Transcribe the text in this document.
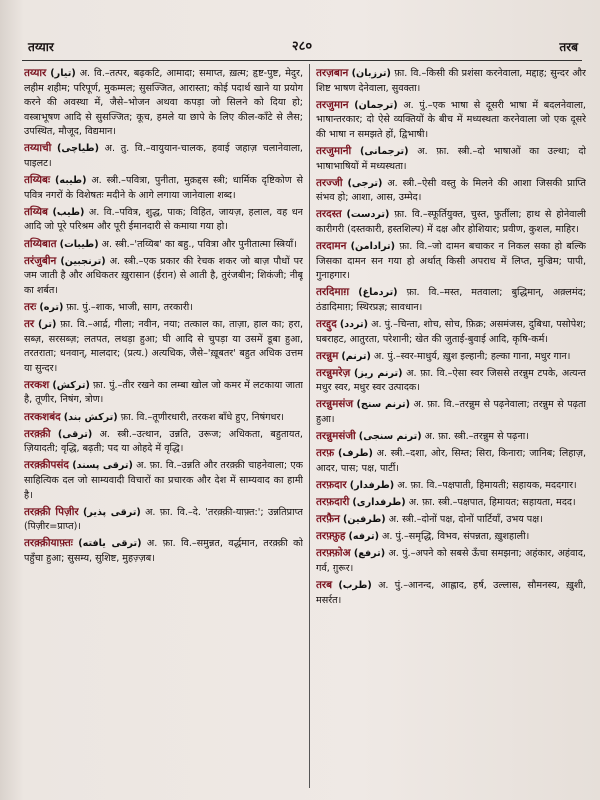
तय्यार	२८०	तरब

तय्यार (تیار) अ. वि.–तत्पर, बढ़कटि, आमादा; समाप्त, ख़त्म; हृष्ट-पुष्ट, मेदुर, लहीम शहीम; परिपूर्ण, मुकम्मल; सुसज्जित, आरास्ता; कोई पदार्थ खाने या प्रयोग करने की अवस्था में, जैसे–भोजन अथवा कपड़ा जो सिलने को दिया हो; वस्त्राभूषण आदि से सुसज्जित; कूच, हमले या छापे के लिए कील-काँटे से लैस; उपस्थित, मौजूद, विद्यमान।

तय्याची (طیاچی) अ. तु. वि.–वायुयान-चालक, हवाई जहाज़ चलानेवाला, पाइलट।

तय्यिबः (طیبه) अ. स्त्री.–पवित्रा, पुनीता, मुक़द्दस स्त्री; धार्मिक दृष्टिकोण से पवित्र नगरों के विशेषतः मदीने के आगे लगाया जानेवाला शब्द।

तय्यिब (طیب) अ. वि.–पवित्र, शुद्ध, पाक; विहित, जायज़, हलाल, वह धन आदि जो पूरे परिश्रम और पूरी ईमानदारी से कमाया गया हो।

तय्यिबात (طیبات) अ. स्त्री.–'तय्यिब' का बहु., पवित्रा और पुनीतात्मा स्त्रियाँ।

तरंजुबीन (ترنجبین) अ. स्त्री.–एक प्रकार की रेचक शकर जो बाज़ पौधों पर जम जाती है और अधिकतर ख़ुरासान (ईरान) से आती है, तुरंजबीन; शिकंजी; नीबू का शर्बत।

तरः (تره) फ़ा. पुं.–शाक, भाजी, साग, तरकारी।

तर (تر) फ़ा. वि.–आर्द्र, गीला; नवीन, नया; तत्काल का, ताज़ा, हाल का; हरा, सब्ज़, सरसब्ज़; लतपत, लथड़ा हुआ; घी आदि से चुपड़ा या उसमें डूबा हुआ, तरतराता; धनवान्, मालदार; (प्रत्य.) अत्यधिक, जैसे–'ख़ूबतर' बहुत अधिक उत्तम या सुन्दर।

तरकश (ترکش) फ़ा. पुं.–तीर रखने का लम्बा खोल जो कमर में लटकाया जाता है, तूणीर, निषंग, त्रोण।

तरकशबंद (ترکش بند) फ़ा. वि.–तूणीरधारी, तरकश बाँधे हुए, निषंगधर।

तरक़्क़ी (ترقی) अ. स्त्री.–उत्थान, उन्नति, उरूज; अधिकता, बहुतायत, ज़ियादती; वृद्धि, बढ़ती; पद या ओहदे में वृद्धि।

तरक़्क़ीपसंद (ترقی پسند) अ. फ़ा. वि.–उन्नति और तरक़्क़ी चाहनेवाला; एक साहित्यिक दल जो साम्यवादी विचारों का प्रचारक और देश में साम्यवाद का हामी है।

तरक़्क़ी पिज़ीर (ترقی پذیر) अ. फ़ा. वि.–दे. 'तरक़्क़ी-याफ़्त:'; उन्नतिप्राप्त (पिज़ीर=प्राप्त)।

तरक़्क़ीयाफ़्तः (ترقی یافته) अ. फ़ा. वि.–समुन्नत, वर्द्धमान, तरक़्क़ी को पहुँचा हुआ; सुसम्य, सुशिष्ट, मुहज़्ज़ब।

तरज़बान (ترزبان) फ़ा. वि.–किसी की प्रशंसा करनेवाला, मद्दाह; सुन्दर और शिष्ट भाषण देनेवाला, सुवक्ता।

तरजुमान (ترجمان) अ. पुं.–एक भाषा से दूसरी भाषा में बदलनेवाला, भाषान्तरकार; दो ऐसे व्यक्तियों के बीच में मध्यस्थता करनेवाला जो एक दूसरे की भाषा न समझते हों, द्विभाषी।

तरजुमानी (ترجمانی) अ. फ़ा. स्त्री.–दो भाषाओं का उल्था; दो भाषाभाषियों में मध्यस्थता।

तरज्जी (ترجی) अ. स्त्री.–ऐसी वस्तु के मिलने की आशा जिसकी प्राप्ति संभव हो; आशा, आस, उम्मेद।

तरदस्त (تردست) फ़ा. वि.–स्फूर्तियुक्त, चुस्त, फुर्तीला; हाथ से होनेवाली कारीगरी (दस्तकारी, हस्तशिल्प) में दक्ष और होशियार; प्रवीण, कुशल, माहिर।

तरदामन (ترادامن) फ़ा. वि.–जो दामन बचाकर न निकल सका हो बल्कि जिसका दामन सन गया हो अर्थात् किसी अपराध में लिप्त, मुज्रिम; पापी, गुनाहगार।

तरदिमाग़ (تردماغ) फ़ा. वि.–मस्त, मतवाला; बुद्धिमान्, अक़्लमंद; ठंडादिमाग़; स्थिरप्रज्ञ; सावधान।

तरद्दुद (تردد) अ. पुं.–चिन्ता, शोच, सोच, फ़िक्र; असमंजस, दुबिधा, पसोपेश; घबराहट, आतुरता, परेशानी; खेत की जुताई-बुवाई आदि, कृषि-कर्म।

तरन्नुम (ترنم) अ. पुं.–स्वर-माधुर्य, ख़ुश इल्हानी; हल्का गाना, मधुर गान।

तरन्नुमरेज़ (ترنم ریز) अ. फ़ा. वि.–ऐसा स्वर जिससे तरन्नुम टपके, अत्यन्त मधुर स्वर, मधुर स्वर उत्पादक।

तरन्नुमसंज (ترنم سنج) अ. फ़ा. वि.–तरन्नुम से पढ़नेवाला; तरन्नुम से पढ़ता हुआ।

तरन्नुमसंजी (ترنم سنجی) अ. फ़ा. स्त्री.–तरन्नुम से पढ़ना।

तरफ़ (طرف) अ. स्त्री.–दशा, ओर, सिम्त; सिरा, किनारा; जानिब; लिहाज़, आदर, पास; पक्ष, पार्टी।

तरफ़दार (طرفدار) अ. फ़ा. वि.–पक्षपाती, हिमायती; सहायक, मददगार।

तरफ़दारी (طرفداری) अ. फ़ा. स्त्री.–पक्षपात, हिमायत; सहायता, मदद।

तरफ़ैन (طرفین) अ. स्त्री.–दोनों पक्ष, दोनों पार्टियाँ, उभय पक्ष।

तरफ़्फ़ुह (ترفه) अ. पुं.–समृद्धि, विभव, संपन्नता, ख़ुशहाली।

तरफ़्फ़ोअ (ترفع) अ. पुं.–अपने को सबसे ऊँचा समझना; अहंकार, अहंवाद, गर्व, ग़ुरूर।

तरब (طرب) अ. पुं.–आनन्द, आह्लाद, हर्ष, उल्लास, सौमनस्य, ख़ुशी, मसर्रत।
